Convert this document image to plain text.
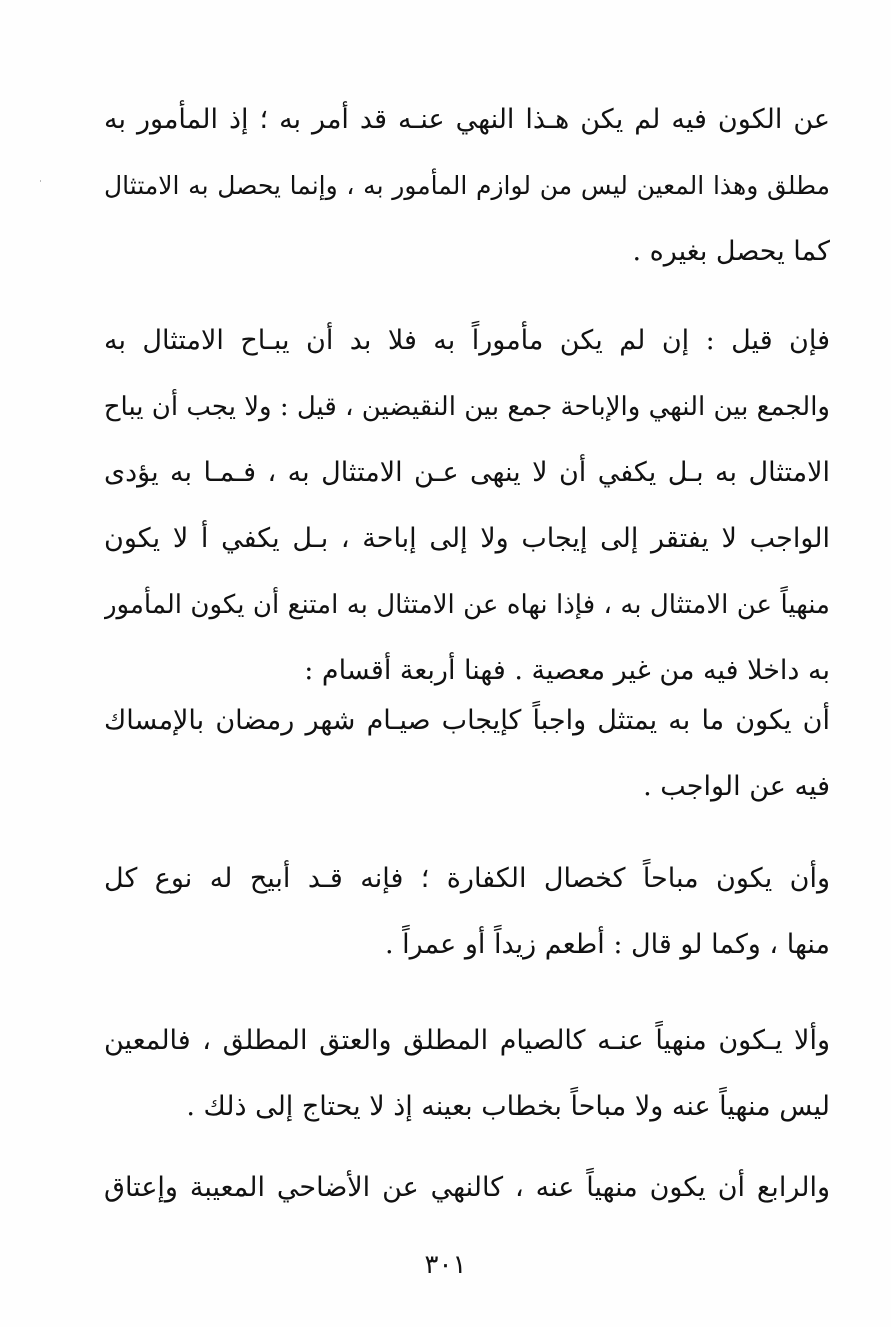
عن الكون فيه لم يكن هـذا النهي عنـه قد أمر به ؛ إذ المأمور به
مطلق وهذا المعين ليس من لوازم المأمور به ، وإنما يحصل به الامتثال
كما يحصل بغيره .
فإن قيل : إن لم يكن مأموراً به فلا بد أن يبـاح الامتثال به
والجمع بين النهي والإباحة جمع بين النقيضين ، قيل : ولا يجب أن يباح
الامتثال به بـل يكفي أن لا ينهى عـن الامتثال به ، فـمـا به يؤدى
الواجب لا يفتقر إلى إيجاب ولا إلى إباحة ، بـل يكفي أ لا يكون
منهياً عن الامتثال به ، فإذا نهاه عن الامتثال به امتنع أن يكون المأمور
به داخلا فيه من غير معصية . فهنا أربعة أقسام :
أن يكون ما به يمتثل واجباً كإيجاب صيـام شهر رمضان بالإمساك
فيه عن الواجب .
وأن يكون مباحاً كخصال الكفارة ؛ فإنه قـد أبيح له نوع كل
منها ، وكما لو قال : أطعم زيداً أو عمراً .
وألا يـكون منهياً عنـه كالصيام المطلق والعتق المطلق ، فالمعين
ليس منهياً عنه ولا مباحاً بخطاب بعينه إذ لا يحتاج إلى ذلك .
والرابع أن يكون منهياً عنه ، كالنهي عن الأضاحي المعيبة وإعتاق
٣٠١
